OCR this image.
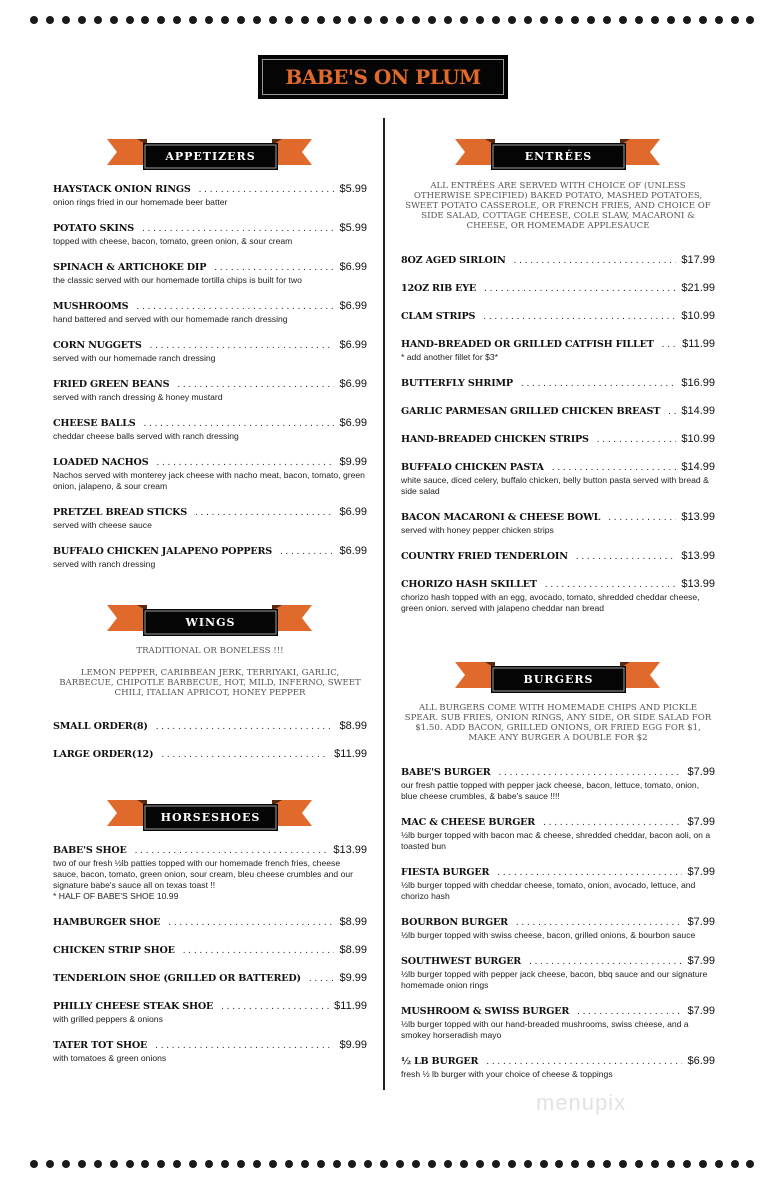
BABE'S ON PLUM
APPETIZERS
HAYSTACK ONION RINGS . . .	$5.99
onion rings fried in our homemade beer batter
POTATO SKINS . . .	$5.99
topped with cheese, bacon, tomato, green onion, & sour cream
SPINACH & ARTICHOKE DIP . . .	$6.99
the classic served with our homemade tortilla chips is built for two
MUSHROOMS . . .	$6.99
hand battered and served with our homemade ranch dressing
CORN NUGGETS . . .	$6.99
served with our homemade ranch dressing
FRIED GREEN BEANS . . .	$6.99
served with ranch dressing & honey mustard
CHEESE BALLS . . .	$6.99
cheddar cheese balls served with ranch dressing
LOADED NACHOS . . .	$9.99
Nachos served with monterey jack cheese with nacho meat, bacon, tomato, green onion, jalapeno, & sour cream
PRETZEL BREAD STICKS . . .	$6.99
served with cheese sauce
BUFFALO CHICKEN JALAPENO POPPERS . . .	$6.99
served with ranch dressing
WINGS
TRADITIONAL OR BONELESS !!!
LEMON PEPPER, CARIBBEAN JERK, TERRIYAKI, GARLIC, BARBECUE, CHIPOTLE BARBECUE, HOT, MILD, INFERNO, SWEET CHILI, ITALIAN APRICOT, HONEY PEPPER
SMALL ORDER(8) . . .	$8.99
LARGE ORDER(12) . . .	$11.99
HORSESHOES
BABE'S SHOE . . .	$13.99
two of our fresh ½lb patties topped with our homemade french fries, cheese sauce, bacon, tomato, green onion, sour cream, bleu cheese crumbles and our signature babe's sauce all on texas toast !!
* HALF OF BABE'S SHOE 10.99
HAMBURGER SHOE . . .	$8.99
CHICKEN STRIP SHOE . . .	$8.99
TENDERLOIN SHOE (GRILLED OR BATTERED) . . .	$9.99
PHILLY CHEESE STEAK SHOE . . .	$11.99
with grilled peppers & onions
TATER TOT SHOE . . .	$9.99
with tomatoes & green onions
ENTRÉES
ALL ENTRÉES ARE SERVED WITH CHOICE OF (UNLESS OTHERWISE SPECIFIED) BAKED POTATO, MASHED POTATOES, SWEET POTATO CASSEROLE, OR FRENCH FRIES, AND CHOICE OF SIDE SALAD, COTTAGE CHEESE, COLE SLAW, MACARONI & CHEESE, OR HOMEMADE APPLESAUCE
8OZ AGED SIRLOIN . . .	$17.99
12OZ RIB EYE . . .	$21.99
CLAM STRIPS . . .	$10.99
HAND-BREADED OR GRILLED CATFISH FILLET . . .	$11.99
* add another fillet for $3*
BUTTERFLY SHRIMP . . .	$16.99
GARLIC PARMESAN GRILLED CHICKEN BREAST . . . $14.99
HAND-BREADED CHICKEN STRIPS . . .	$10.99
BUFFALO CHICKEN PASTA . . .	$14.99
white sauce, diced celery, buffalo chicken, belly button pasta served with bread & side salad
BACON MACARONI & CHEESE BOWL . . .	$13.99
served with honey pepper chicken strips
COUNTRY FRIED TENDERLOIN . . .	$13.99
CHORIZO HASH SKILLET . . .	$13.99
chorizo hash topped with an egg, avocado, tomato, shredded cheddar cheese, green onion. served with jalapeno cheddar nan bread
BURGERS
ALL BURGERS COME WITH HOMEMADE CHIPS AND PICKLE SPEAR. SUB FRIES, ONION RINGS, ANY SIDE, OR SIDE SALAD FOR $1.50. ADD BACON, GRILLED ONIONS, OR FRIED EGG FOR $1, MAKE ANY BURGER A DOUBLE FOR $2
BABE'S BURGER . . .	$7.99
our fresh pattie topped with pepper jack cheese, bacon, lettuce, tomato, onion, blue cheese crumbles, & babe's sauce !!!!
MAC & CHEESE BURGER . . .	$7.99
½lb burger topped with bacon mac & cheese, shredded cheddar, bacon aoli, on a toasted bun
FIESTA BURGER . . .	$7.99
½lb burger topped with cheddar cheese, tomato, onion, avocado, lettuce, and chorizo hash
BOURBON BURGER . . .	$7.99
½lb burger topped with swiss cheese, bacon, grilled onions, & bourbon sauce
SOUTHWEST BURGER . . .	$7.99
½lb burger topped with pepper jack cheese, bacon, bbq sauce and our signature homemade onion rings
MUSHROOM & SWISS BURGER . . .	$7.99
½lb burger topped with our hand-breaded mushrooms, swiss cheese, and a smokey horseradish mayo
½ LB BURGER . . .	$6.99
fresh ½ lb burger with your choice of cheese & toppings
menupix
